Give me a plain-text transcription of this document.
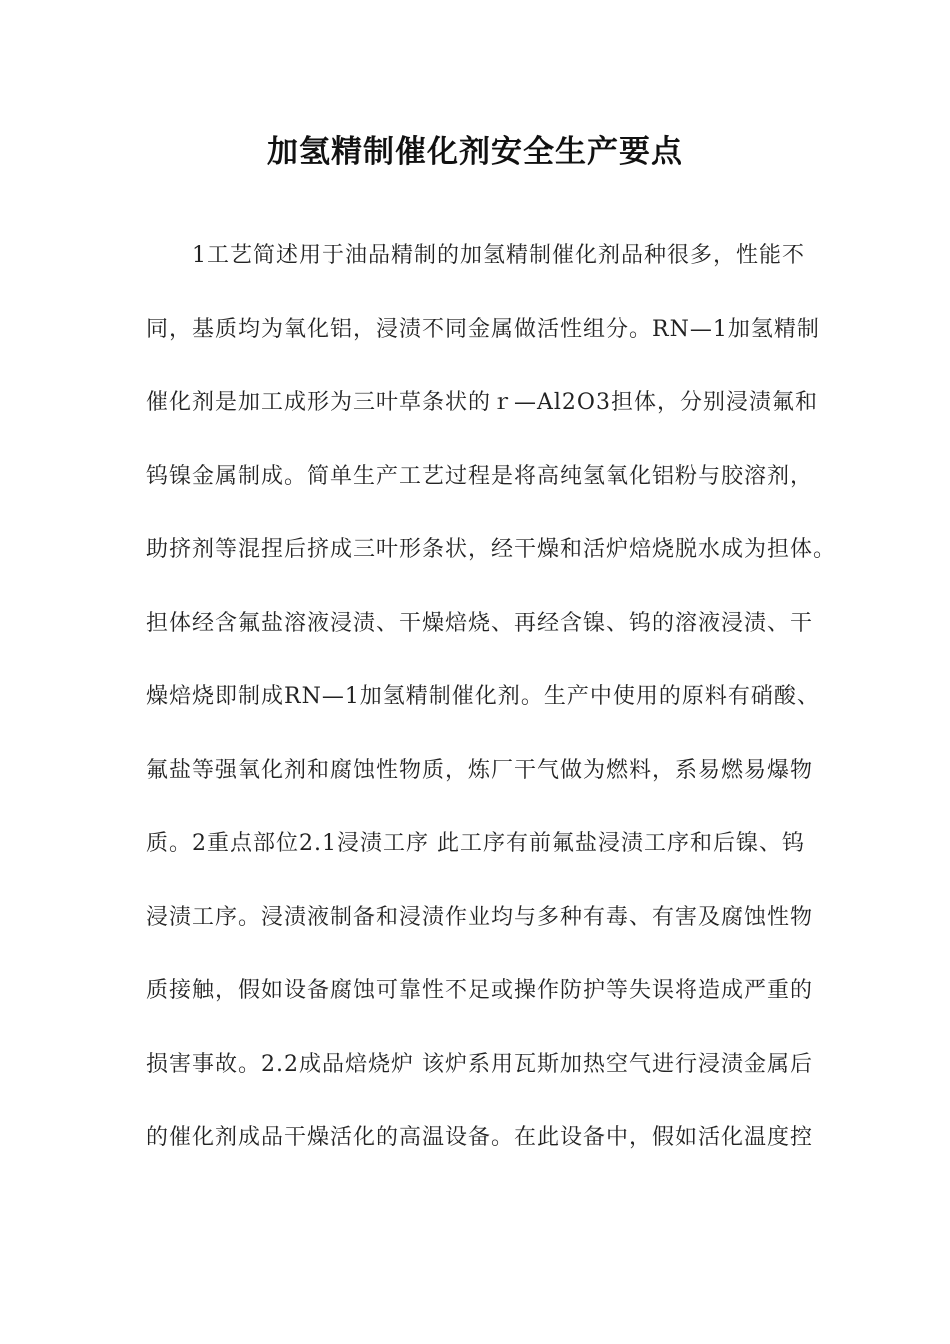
加氢精制催化剂安全生产要点
1工艺简述用于油品精制的加氢精制催化剂品种很多，性能不
同，基质均为氧化铝，浸渍不同金属做活性组分。RN—1加氢精制
催化剂是加工成形为三叶草条状的ｒ—Al2O3担体，分别浸渍氟和
钨镍金属制成。简单生产工艺过程是将高纯氢氧化铝粉与胶溶剂，
助挤剂等混捏后挤成三叶形条状，经干燥和活炉焙烧脱水成为担体。
担体经含氟盐溶液浸渍、干燥焙烧、再经含镍、钨的溶液浸渍、干
燥焙烧即制成RN—1加氢精制催化剂。生产中使用的原料有硝酸、
氟盐等强氧化剂和腐蚀性物质，炼厂干气做为燃料，系易燃易爆物
质。2重点部位2.1浸渍工序 此工序有前氟盐浸渍工序和后镍、钨
浸渍工序。浸渍液制备和浸渍作业均与多种有毒、有害及腐蚀性物
质接触，假如设备腐蚀可靠性不足或操作防护等失误将造成严重的
损害事故。2.2成品焙烧炉 该炉系用瓦斯加热空气进行浸渍金属后
的催化剂成品干燥活化的高温设备。在此设备中，假如活化温度控
